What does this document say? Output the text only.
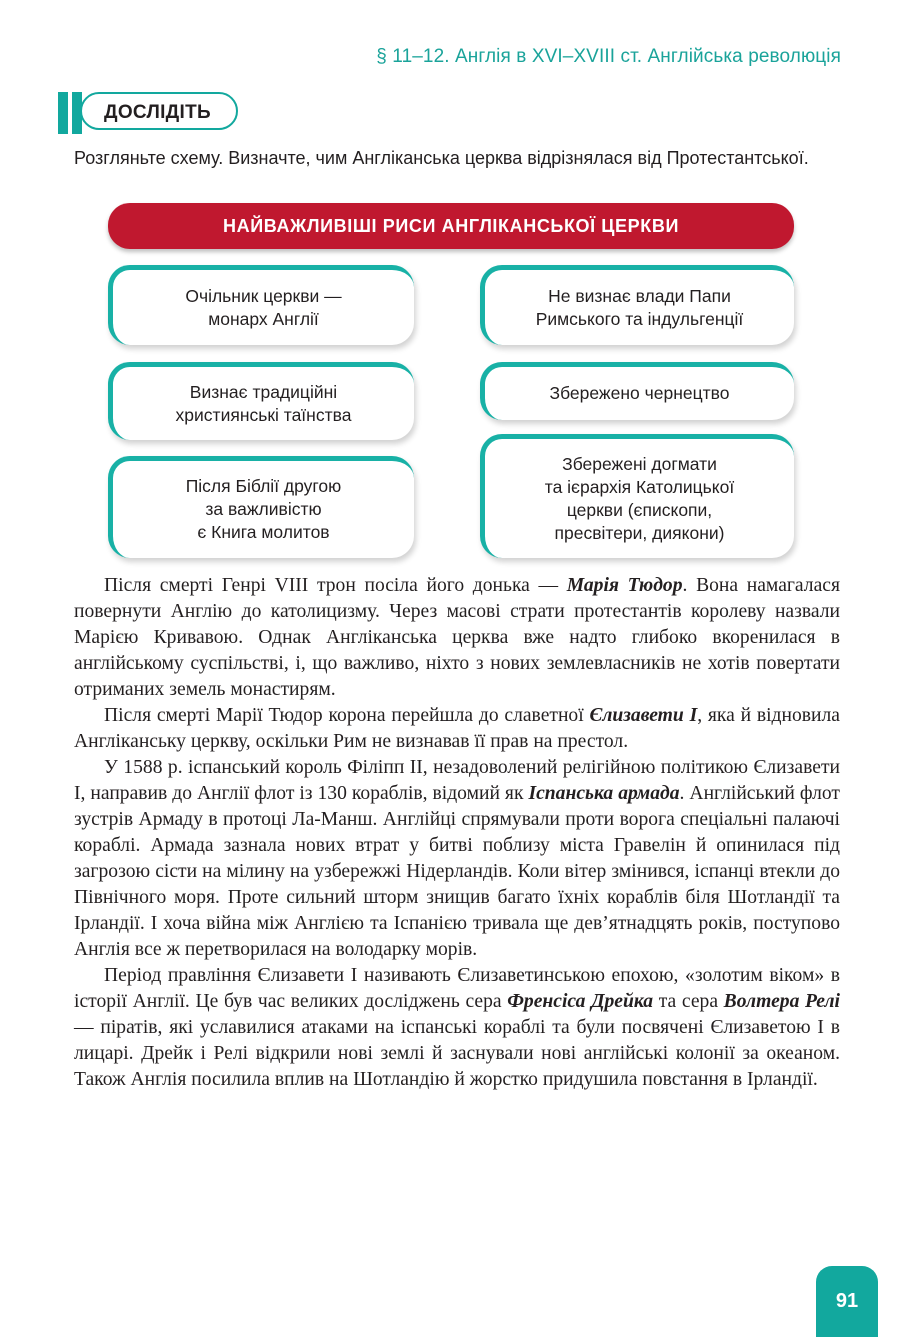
§ 11–12. Англія в XVI–XVIII ст. Англійська революція
ДОСЛІДІТЬ
Розгляньте схему. Визначте, чим Англіканська церква відрізнялася від Протестантської.
НАЙВАЖЛИВІШІ РИСИ АНГЛІКАНСЬКОЇ ЦЕРКВИ
Очільник церкви —
монарх Англії
Визнає традиційні
християнські таїнства
Після Біблії другою
за важливістю
є Книга молитов
Не визнає влади Папи
Римського та індульгенції
Збережено чернецтво
Збережені догмати
та ієрархія Католицької
церкви (єпископи,
пресвітери, диякони)

Після смерті Генрі VIII трон посіла його донька — Марія Тюдор. Вона намагалася повернути Англію до католицизму. Через масові страти протестантів королеву назвали Марією Кривавою. Однак Англіканська церква вже надто глибоко вкоренилася в англійському суспільстві, і, що важливо, ніхто з нових землевласників не хотів повертати отриманих земель монастирям.

Після смерті Марії Тюдор корона перейшла до славетної Єлизавети I, яка й відновила Англіканську церкву, оскільки Рим не визнавав її прав на престол.

У 1588 р. іспанський король Філіпп II, незадоволений релігійною політикою Єлизавети I, направив до Англії флот із 130 кораблів, відомий як Іспанська армада. Англійський флот зустрів Армаду в протоці Ла-Манш. Англійці спрямували проти ворога спеціальні палаючі кораблі. Армада зазнала нових втрат у битві поблизу міста Гравелін й опинилася під загрозою сісти на мілину на узбережжі Нідерландів. Коли вітер змінився, іспанці втекли до Північного моря. Проте сильний шторм знищив багато їхніх кораблів біля Шотландії та Ірландії. І хоча війна між Англією та Іспанією тривала ще дев’ятнадцять років, поступово Англія все ж перетворилася на володарку морів.

Період правління Єлизавети I називають Єлизаветинською епохою, «золотим віком» в історії Англії. Це був час великих досліджень сера Френсіса Дрейка та сера Волтера Релі — піратів, які уславилися атаками на іспанські кораблі та були посвячені Єлизаветою I в лицарі. Дрейк і Релі відкрили нові землі й заснували нові англійські колонії за океаном. Також Англія посилила вплив на Шотландію й жорстко придушила повстання в Ірландії.

91
